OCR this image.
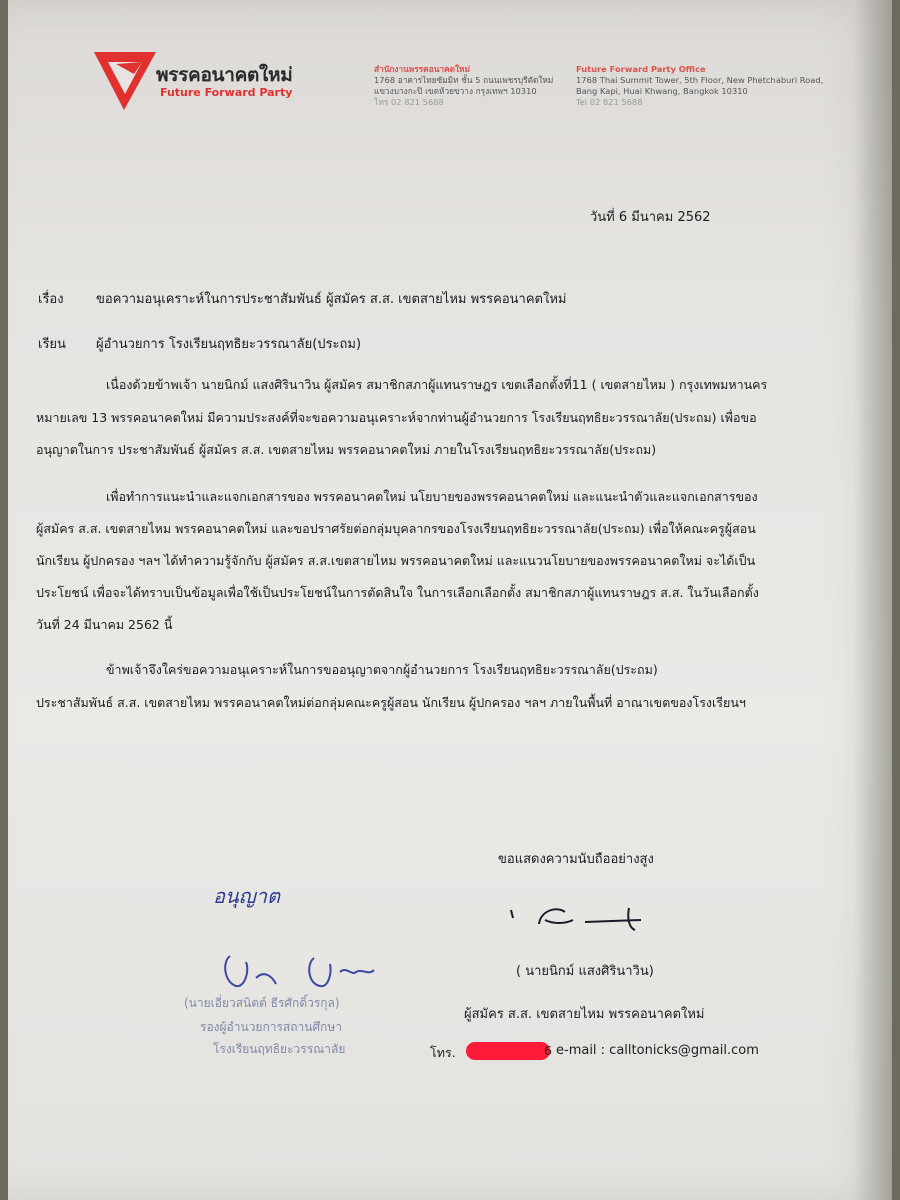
พรรคอนาคตใหม่
Future Forward Party
สำนักงานพรรคอนาคตใหม่
1768 อาคารไทยซัมมิท ชั้น 5 ถนนเพชรบุรีตัดใหม่
แขวงบางกะปิ เขตห้วยขวาง กรุงเทพฯ 10310
โทร 02 821 5688
Future Forward Party Office
1768 Thai Summit Tower, 5th Floor, New Phetchaburi Road,
Bang Kapi, Huai Khwang, Bangkok 10310
Tel 02 821 5688
วันที่ 6 มีนาคม 2562
เรื่อง ขอความอนุเคราะห์ในการประชาสัมพันธ์ ผู้สมัคร ส.ส. เขตสายไหม พรรคอนาคตใหม่
เรียน ผู้อำนวยการ โรงเรียนฤทธิยะวรรณาลัย(ประถม)
เนื่องด้วยข้าพเจ้า นายนิกม์ แสงศิรินาวิน ผู้สมัคร สมาชิกสภาผู้แทนราษฎร เขตเลือกตั้งที่11 ( เขตสายไหม ) กรุงเทพมหานคร
หมายเลข 13 พรรคอนาคตใหม่ มีความประสงค์ที่จะขอความอนุเคราะห์จากท่านผู้อำนวยการ โรงเรียนฤทธิยะวรรณาลัย(ประถม) เพื่อขอ
อนุญาตในการ ประชาสัมพันธ์ ผู้สมัคร ส.ส. เขตสายไหม พรรคอนาคตใหม่ ภายในโรงเรียนฤทธิยะวรรณาลัย(ประถม)
เพื่อทำการแนะนำและแจกเอกสารของ พรรคอนาคตใหม่ นโยบายของพรรคอนาคตใหม่ และแนะนำตัวและแจกเอกสารของ
ผู้สมัคร ส.ส. เขตสายไหม พรรคอนาคตใหม่ และขอปราศรัยต่อกลุ่มบุคลากรของโรงเรียนฤทธิยะวรรณาลัย(ประถม) เพื่อให้คณะครูผู้สอน
นักเรียน ผู้ปกครอง ฯลฯ ได้ทำความรู้จักกับ ผู้สมัคร ส.ส.เขตสายไหม พรรคอนาคตใหม่ และแนวนโยบายของพรรคอนาคตใหม่ จะได้เป็น
ประโยชน์ เพื่อจะได้ทราบเป็นข้อมูลเพื่อใช้เป็นประโยชน์ในการตัดสินใจ ในการเลือกเลือกตั้ง สมาชิกสภาผู้แทนราษฎร ส.ส. ในวันเลือกตั้ง
วันที่ 24 มีนาคม 2562 นี้
ข้าพเจ้าจึงใคร่ขอความอนุเคราะห์ในการขออนุญาตจากผู้อำนวยการ โรงเรียนฤทธิยะวรรณาลัย(ประถม)
ประชาสัมพันธ์ ส.ส. เขตสายไหม พรรคอนาคตใหม่ต่อกลุ่มคณะครูผู้สอน นักเรียน ผู้ปกครอง ฯลฯ ภายในพื้นที่ อาณาเขตของโรงเรียนฯ
ขอแสดงความนับถืออย่างสูง
( นายนิกม์ แสงศิรินาวิน)
ผู้สมัคร ส.ส. เขตสายไหม พรรคอนาคตใหม่
โทร.	6 e-mail : calltonicks@gmail.com
อนุญาต
(นายเอี่ยวสนิตต์ ธีรศักดิ์วรกุล)
รองผู้อำนวยการสถานศึกษา
โรงเรียนฤทธิยะวรรณาลัย
